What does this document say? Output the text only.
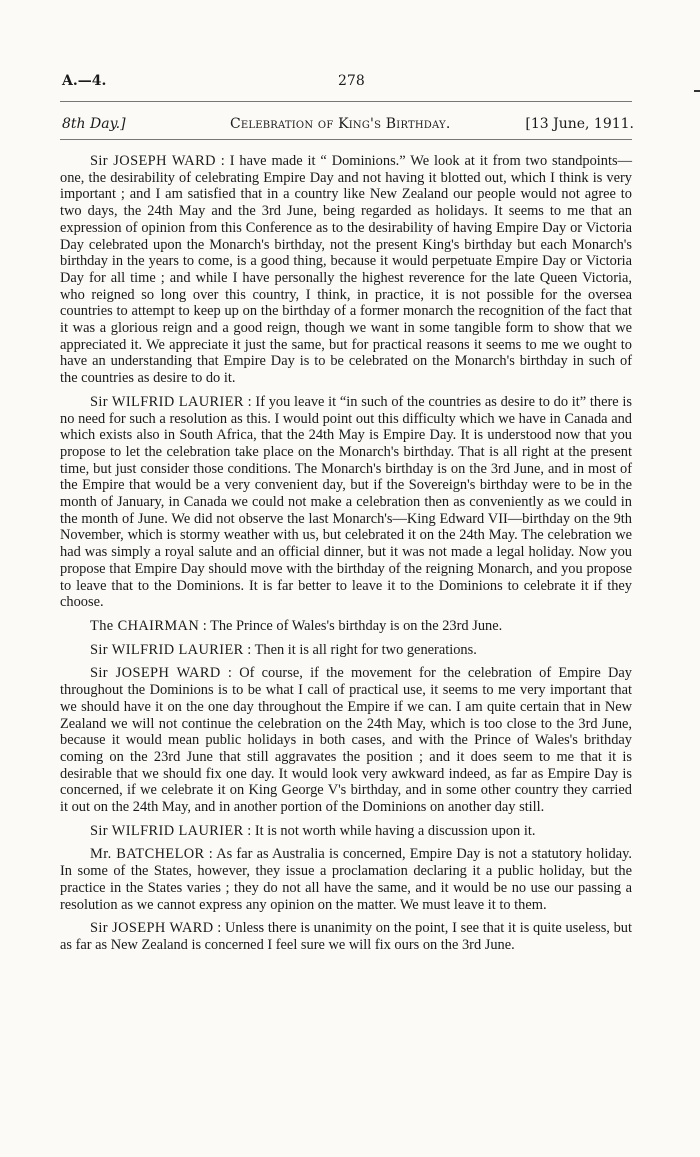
A.—4.	278
8th Day.]	Celebration of King's Birthday.	[13 June, 1911.

Sir JOSEPH WARD : I have made it “ Dominions.” We look at it from two standpoints—one, the desirability of celebrating Empire Day and not having it blotted out, which I think is very important ; and I am satisfied that in a country like New Zealand our people would not agree to two days, the 24th May and the 3rd June, being regarded as holidays. It seems to me that an expression of opinion from this Conference as to the desirability of having Empire Day or Victoria Day celebrated upon the Monarch's birthday, not the present King's birthday but each Monarch's birthday in the years to come, is a good thing, because it would perpetuate Empire Day or Victoria Day for all time ; and while I have personally the highest reverence for the late Queen Victoria, who reigned so long over this country, I think, in practice, it is not possible for the oversea countries to attempt to keep up on the birthday of a former monarch the recognition of the fact that it was a glorious reign and a good reign, though we want in some tangible form to show that we appreciated it. We appreciate it just the same, but for practical reasons it seems to me we ought to have an understanding that Empire Day is to be celebrated on the Monarch's birthday in such of the countries as desire to do it.

Sir WILFRID LAURIER : If you leave it “in such of the countries as desire to do it” there is no need for such a resolution as this. I would point out this difficulty which we have in Canada and which exists also in South Africa, that the 24th May is Empire Day. It is understood now that you propose to let the celebration take place on the Monarch's birthday. That is all right at the present time, but just consider those conditions. The Monarch's birthday is on the 3rd June, and in most of the Empire that would be a very convenient day, but if the Sovereign's birthday were to be in the month of January, in Canada we could not make a celebration then as conveniently as we could in the month of June. We did not observe the last Monarch's—King Edward VII—birthday on the 9th November, which is stormy weather with us, but celebrated it on the 24th May. The celebration we had was simply a royal salute and an official dinner, but it was not made a legal holiday. Now you propose that Empire Day should move with the birthday of the reigning Monarch, and you propose to leave that to the Dominions. It is far better to leave it to the Dominions to celebrate it if they choose.

The CHAIRMAN : The Prince of Wales's birthday is on the 23rd June.

Sir WILFRID LAURIER : Then it is all right for two generations.

Sir JOSEPH WARD : Of course, if the movement for the celebration of Empire Day throughout the Dominions is to be what I call of practical use, it seems to me very important that we should have it on the one day throughout the Empire if we can. I am quite certain that in New Zealand we will not continue the celebration on the 24th May, which is too close to the 3rd June, because it would mean public holidays in both cases, and with the Prince of Wales's brithday coming on the 23rd June that still aggravates the position ; and it does seem to me that it is desirable that we should fix one day. It would look very awkward indeed, as far as Empire Day is concerned, if we celebrate it on King George V's birthday, and in some other country they carried it out on the 24th May, and in another portion of the Dominions on another day still.

Sir WILFRID LAURIER : It is not worth while having a discussion upon it.

Mr. BATCHELOR : As far as Australia is concerned, Empire Day is not a statutory holiday. In some of the States, however, they issue a proclamation declaring it a public holiday, but the practice in the States varies ; they do not all have the same, and it would be no use our passing a resolution as we cannot express any opinion on the matter. We must leave it to them.

Sir JOSEPH WARD : Unless there is unanimity on the point, I see that it is quite useless, but as far as New Zealand is concerned I feel sure we will fix ours on the 3rd June.
